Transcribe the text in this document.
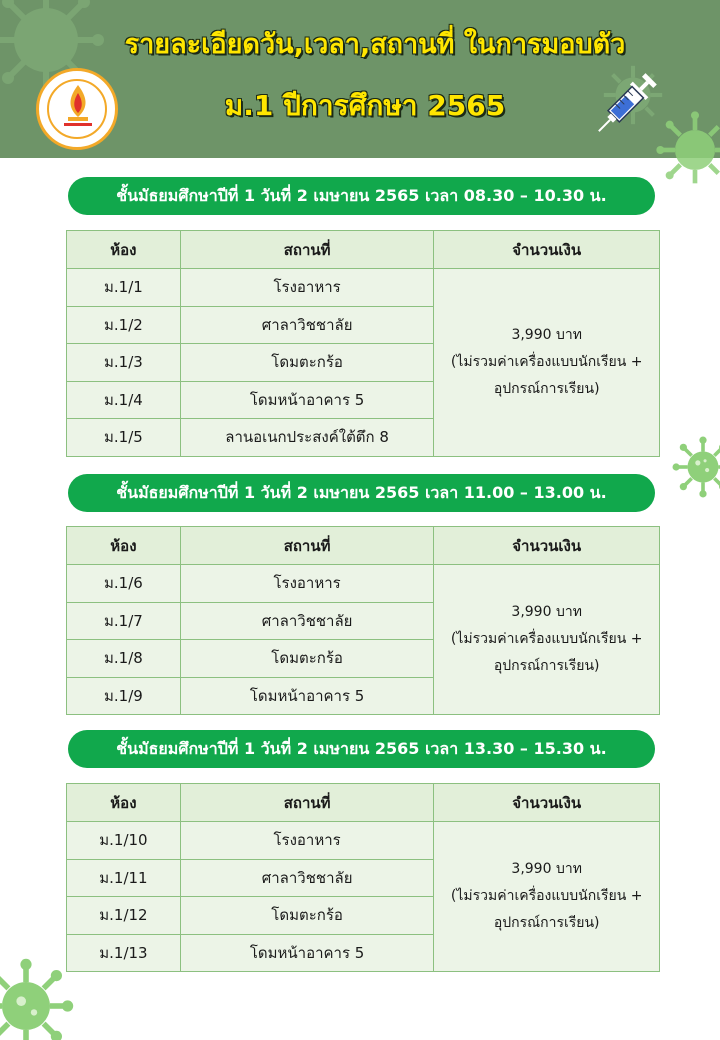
รายละเอียดวัน,เวลา,สถานที่ ในการมอบตัว
ม.1 ปีการศึกษา 2565
ชั้นมัธยมศึกษาปีที่ 1 วันที่ 2 เมษายน 2565 เวลา 08.30 – 10.30 น.
ห้อง	สถานที่	จำนวนเงิน
ม.1/1	โรงอาหาร	3,990 บาท
(ไม่รวมค่าเครื่องแบบนักเรียน +
อุปกรณ์การเรียน)

ม.1/2	ศาลาวิชชาลัย	
ม.1/3	โดมตะกร้อ	
ม.1/4	โดมหน้าอาคาร 5	
ม.1/5	ลานอเนกประสงค์ใต้ตึก 8	
ชั้นมัธยมศึกษาปีที่ 1 วันที่ 2 เมษายน 2565 เวลา 11.00 – 13.00 น.
ห้อง	สถานที่	จำนวนเงิน
ม.1/6	โรงอาหาร	3,990 บาท
(ไม่รวมค่าเครื่องแบบนักเรียน +
อุปกรณ์การเรียน)

ม.1/7	ศาลาวิชชาลัย	
ม.1/8	โดมตะกร้อ	
ม.1/9	โดมหน้าอาคาร 5	
ชั้นมัธยมศึกษาปีที่ 1 วันที่ 2 เมษายน 2565 เวลา 13.30 – 15.30 น.
ห้อง	สถานที่	จำนวนเงิน
ม.1/10	โรงอาหาร	3,990 บาท
(ไม่รวมค่าเครื่องแบบนักเรียน +
อุปกรณ์การเรียน)

ม.1/11	ศาลาวิชชาลัย	
ม.1/12	โดมตะกร้อ	
ม.1/13	โดมหน้าอาคาร 5	
